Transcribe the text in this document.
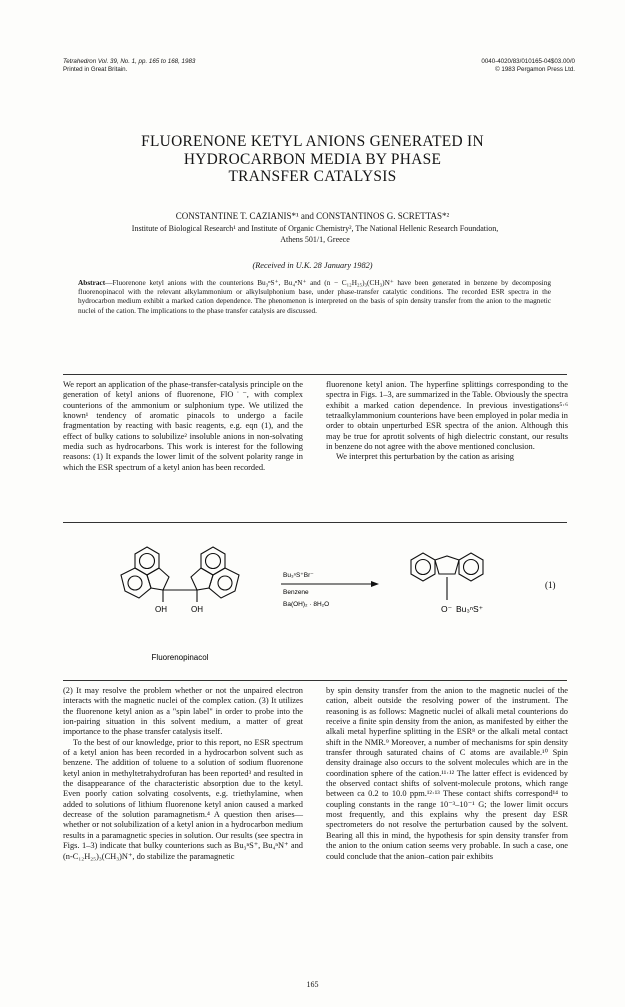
Tetrahedron Vol. 39, No. 1, pp. 165 to 168, 1983
Printed in Great Britain.
0040-4020/83/010165-04$03.00/0
© 1983 Pergamon Press Ltd.
FLUORENONE KETYL ANIONS GENERATED IN
HYDROCARBON MEDIA BY PHASE
TRANSFER CATALYSIS
CONSTANTINE T. CAZIANIS*¹ and CONSTANTINOS G. SCRETTAS*²
Institute of Biological Research¹ and Institute of Organic Chemistry², The National Hellenic Research Foundation,
Athens 501/1, Greece
(Received in U.K. 28 January 1982)
Abstract—Fluorenone ketyl anions with the counterions Bu₃ⁿS⁺, Bu₄ⁿN⁺ and (n − C₁₂H₂₅)₃(CH₃)N⁺ have been generated in benzene by decomposing fluorenopinacol with the relevant alkylammonium or alkylsulphonium base, under phase-transfer catalytic conditions. The recorded ESR spectra in the hydrocarbon medium exhibit a marked cation dependence. The phenomenon is interpreted on the basis of spin density transfer from the anion to the magnetic nuclei of the cation. The implications to the phase transfer catalysis are discussed.

We report an application of the phase-transfer-catalysis principle on the generation of ketyl anions of fluorenone, FlO˙⁻, with complex counterions of the ammonium or sulphonium type. We utilized the known¹ tendency of aromatic pinacols to undergo a facile fragmentation by reacting with basic reagents, e.g. eqn (1), and the effect of bulky cations to solubilize² insoluble anions in non-solvating media such as hydrocarbons. This work is interest for the following reasons: (1) It expands the lower limit of the solvent polarity range in which the ESR spectrum of a ketyl anion has been recorded.

fluorenone ketyl anion. The hyperfine splittings corresponding to the spectra in Figs. 1–3, are summarized in the Table. Obviously the spectra exhibit a marked cation dependence. In previous investigations⁵·⁶ tetraalkylammonium counterions have been employed in polar media in order to obtain unperturbed ESR spectra of the anion. Although this may be true for aprotit solvents of high dielectric constant, our results in benzene do not agree with the above mentioned conclusion.

We interpret this perturbation by the cation as arising

OH	OH
Fluorenopinacol
Bu₃ⁿS⁺Br⁻
Benzene
Ba(OH)₂ · 8H₂O	O⁻ Bu₃ⁿS⁺
(1)

(2) It may resolve the problem whether or not the unpaired electron interacts with the magnetic nuclei of the complex cation. (3) It utilizes the fluorenone ketyl anion as a "spin label" in order to probe into the ion-pairing situation in this solvent medium, a matter of great importance to the phase transfer catalysis itself.

To the best of our knowledge, prior to this report, no ESR spectrum of a ketyl anion has been recorded in a hydrocarbon solvent such as benzene. The addition of toluene to a solution of sodium fluorenone ketyl anion in methyltetrahydrofuran has been reported³ and resulted in the disappearance of the characteristic absorption due to the ketyl. Even poorly cation solvating cosolvents, e.g. triethylamine, when added to solutions of lithium fluorenone ketyl anion caused a marked decrease of the solution paramagnetism.⁴ A question then arises—whether or not solubilization of a ketyl anion in a hydrocarbon medium results in a paramagnetic species in solution. Our results (see spectra in Figs. 1–3) indicate that bulky counterions such as Bu₃ⁿS⁺, Bu₄ⁿN⁺ and (n-C₁₂H₂₅)₃(CH₃)N⁺, do stabilize the paramagnetic

by spin density transfer from the anion to the magnetic nuclei of the cation, albeit outside the resolving power of the instrument. The reasoning is as follows: Magnetic nuclei of alkali metal counterions do receive a finite spin density from the anion, as manifested by either the alkali metal hyperfine splitting in the ESR⁸ or the alkali metal contact shift in the NMR.⁹ Moreover, a number of mechanisms for spin density transfer through saturated chains of C atoms are available.¹⁰ Spin density drainage also occurs to the solvent molecules which are in the coordination sphere of the cation.¹¹·¹² The latter effect is evidenced by the observed contact shifts of solvent-molecule protons, which range between ca 0.2 to 10.0 ppm.¹²·¹³ These contact shifts correspond¹⁴ to coupling constants in the range 10⁻³–10⁻¹ G; the lower limit occurs most frequently, and this explains why the present day ESR spectrometers do not resolve the perturbation caused by the solvent. Bearing all this in mind, the hypothesis for spin density transfer from the anion to the onium cation seems very probable. In such a case, one could conclude that the anion–cation pair exhibits

165
